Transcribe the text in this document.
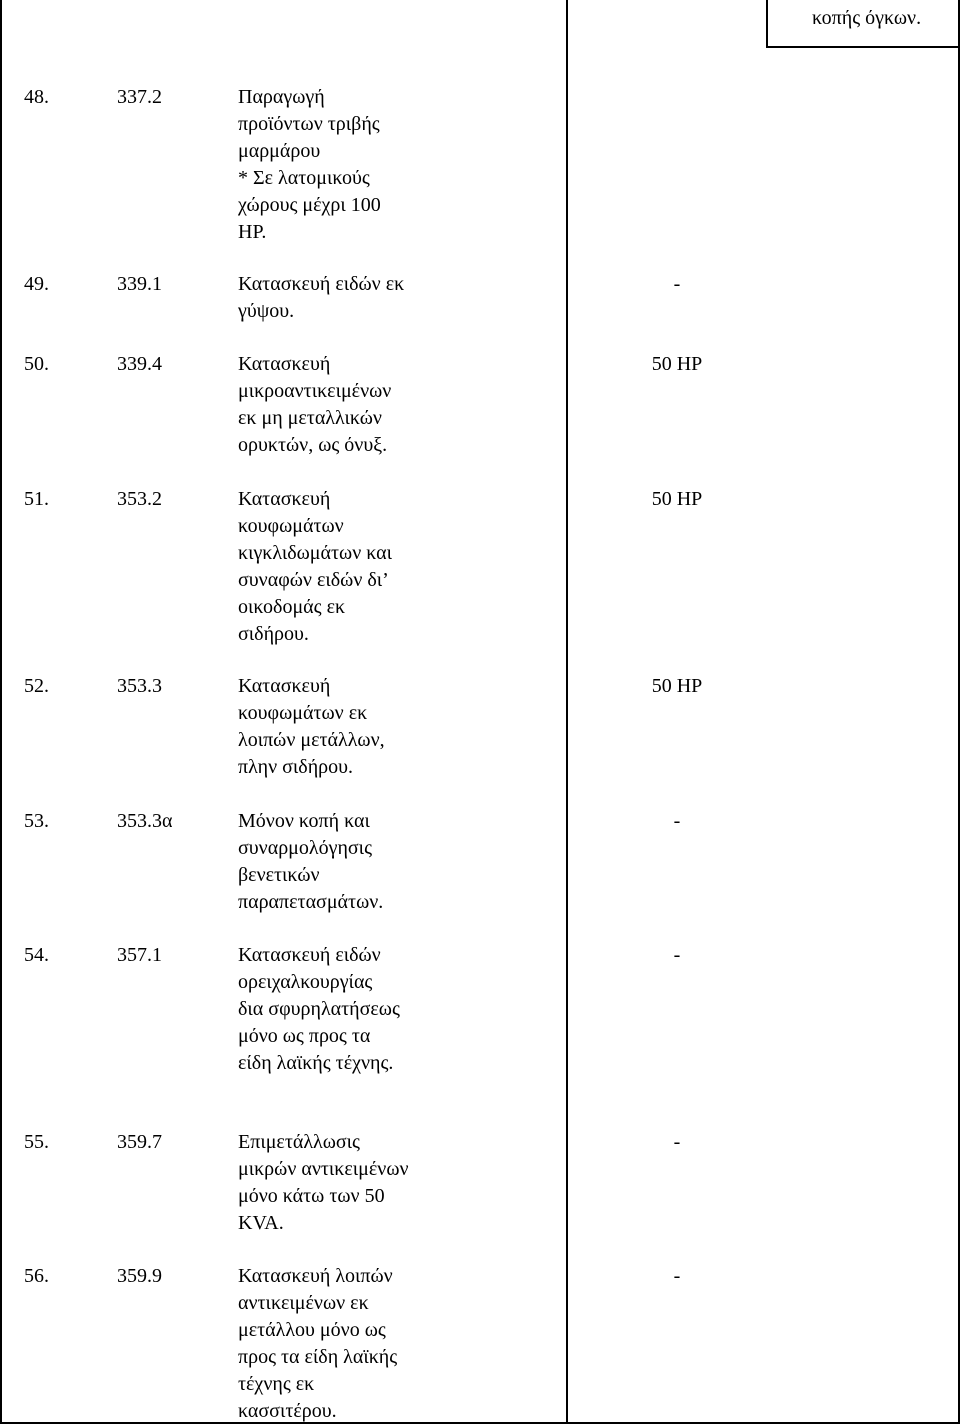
κοπής όγκων.
48.	337.2	Παραγωγή
προϊόντων τριβής
μαρμάρου
* Σε λατομικούς
χώρους μέχρι 100
HP.
49.	339.1	Κατασκευή ειδών εκ
γύψου.
-
50.	339.4	Κατασκευή
μικροαντικειμένων
εκ μη μεταλλικών
ορυκτών, ως όνυξ.
50 HP
51.	353.2	Κατασκευή
κουφωμάτων
κιγκλιδωμάτων και
συναφών ειδών δι’
οικοδομάς εκ
σιδήρου.
50 HP
52.	353.3	Κατασκευή
κουφωμάτων εκ
λοιπών μετάλλων,
πλην σιδήρου.
50 HP
53.	353.3α	Μόνον κοπή και
συναρμολόγησις
βενετικών
παραπετασμάτων.
-
54.	357.1	Κατασκευή ειδών
ορειχαλκουργίας
δια σφυρηλατήσεως
μόνο ως προς τα
είδη λαϊκής τέχνης.
-
55.	359.7	Επιμετάλλωσις
μικρών αντικειμένων
μόνο κάτω των 50
KVA.
-
56.	359.9	Κατασκευή λοιπών
αντικειμένων εκ
μετάλλου μόνο ως
προς τα είδη λαϊκής
τέχνης εκ
κασσιτέρου.
-
